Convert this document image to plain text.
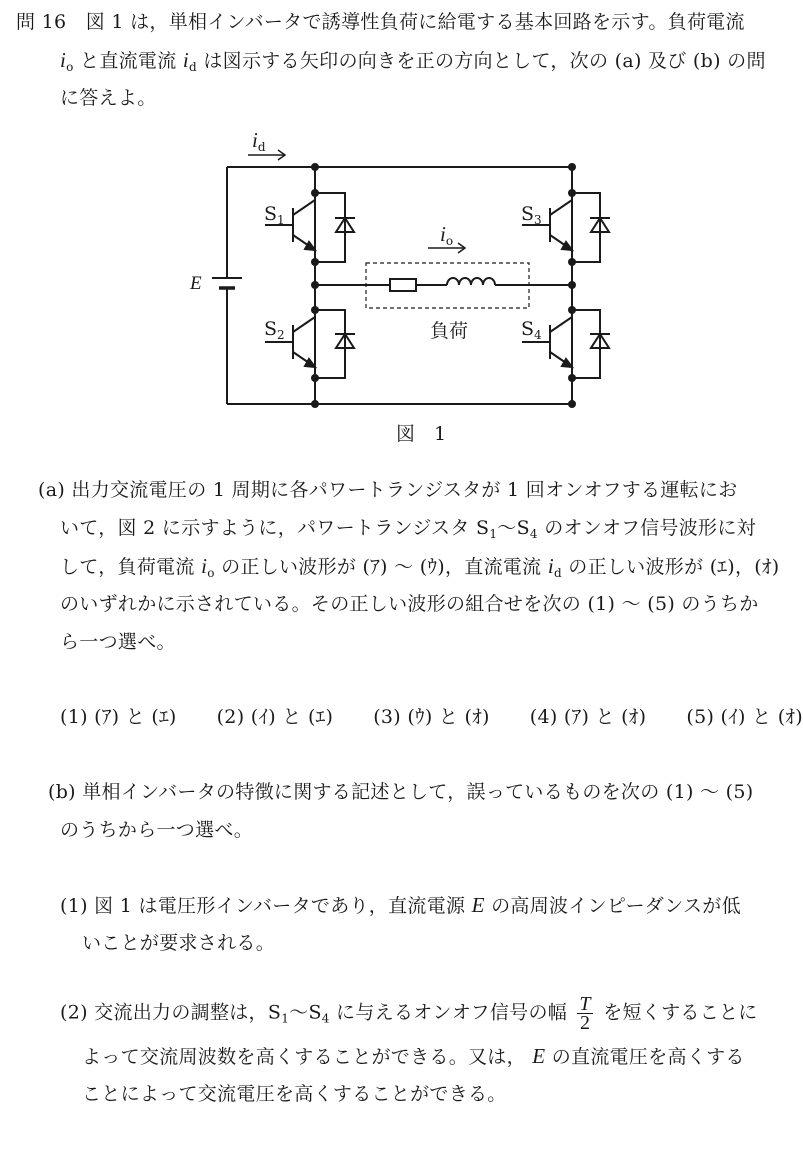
問 16　 図 1 は，単相インバータで誘導性負荷に給電する基本回路を示す。負荷電流
$i_o$ と直流電流 $i_d$ は図示する矢印の向きを正の方向として，次の (a) 及び (b) の問
に答えよ。
$i_d$
$i_o$
E
$S_1$
$S_2$
$S_3$
$S_4$
負荷
図　1
(a) 出力交流電圧の 1 周期に各パワートランジスタが 1 回オンオフする運転にお
いて，図 2 に示すように，パワートランジスタ $S_1$〜$S_4$ のオンオフ信号波形に対
して，負荷電流 $i_o$ の正しい波形が (ｱ) 〜 (ｳ)，直流電流 $i_d$ の正しい波形が (ｴ)，(ｵ)
のいずれかに示されている。その正しい波形の組合せを次の (1) 〜 (5) のうちか
ら一つ選べ。
(1) (ｱ) と (ｴ) (2) (ｲ) と (ｴ) (3) (ｳ) と (ｵ) (4) (ｱ) と (ｵ) (5) (ｲ) と (ｵ)
(b) 単相インバータの特徴に関する記述として，誤っているものを次の (1) 〜 (5)
のうちから一つ選べ。
(1) 図 1 は電圧形インバータであり，直流電源 E の高周波インピーダンスが低
いことが要求される。
(2) 交流出力の調整は，$S_1$〜$S_4$ に与えるオンオフ信号の幅 $\frac{T}{2}$ を短くすることに
よって交流周波数を高くすることができる。又は， E の直流電圧を高くする
ことによって交流電圧を高くすることができる。
